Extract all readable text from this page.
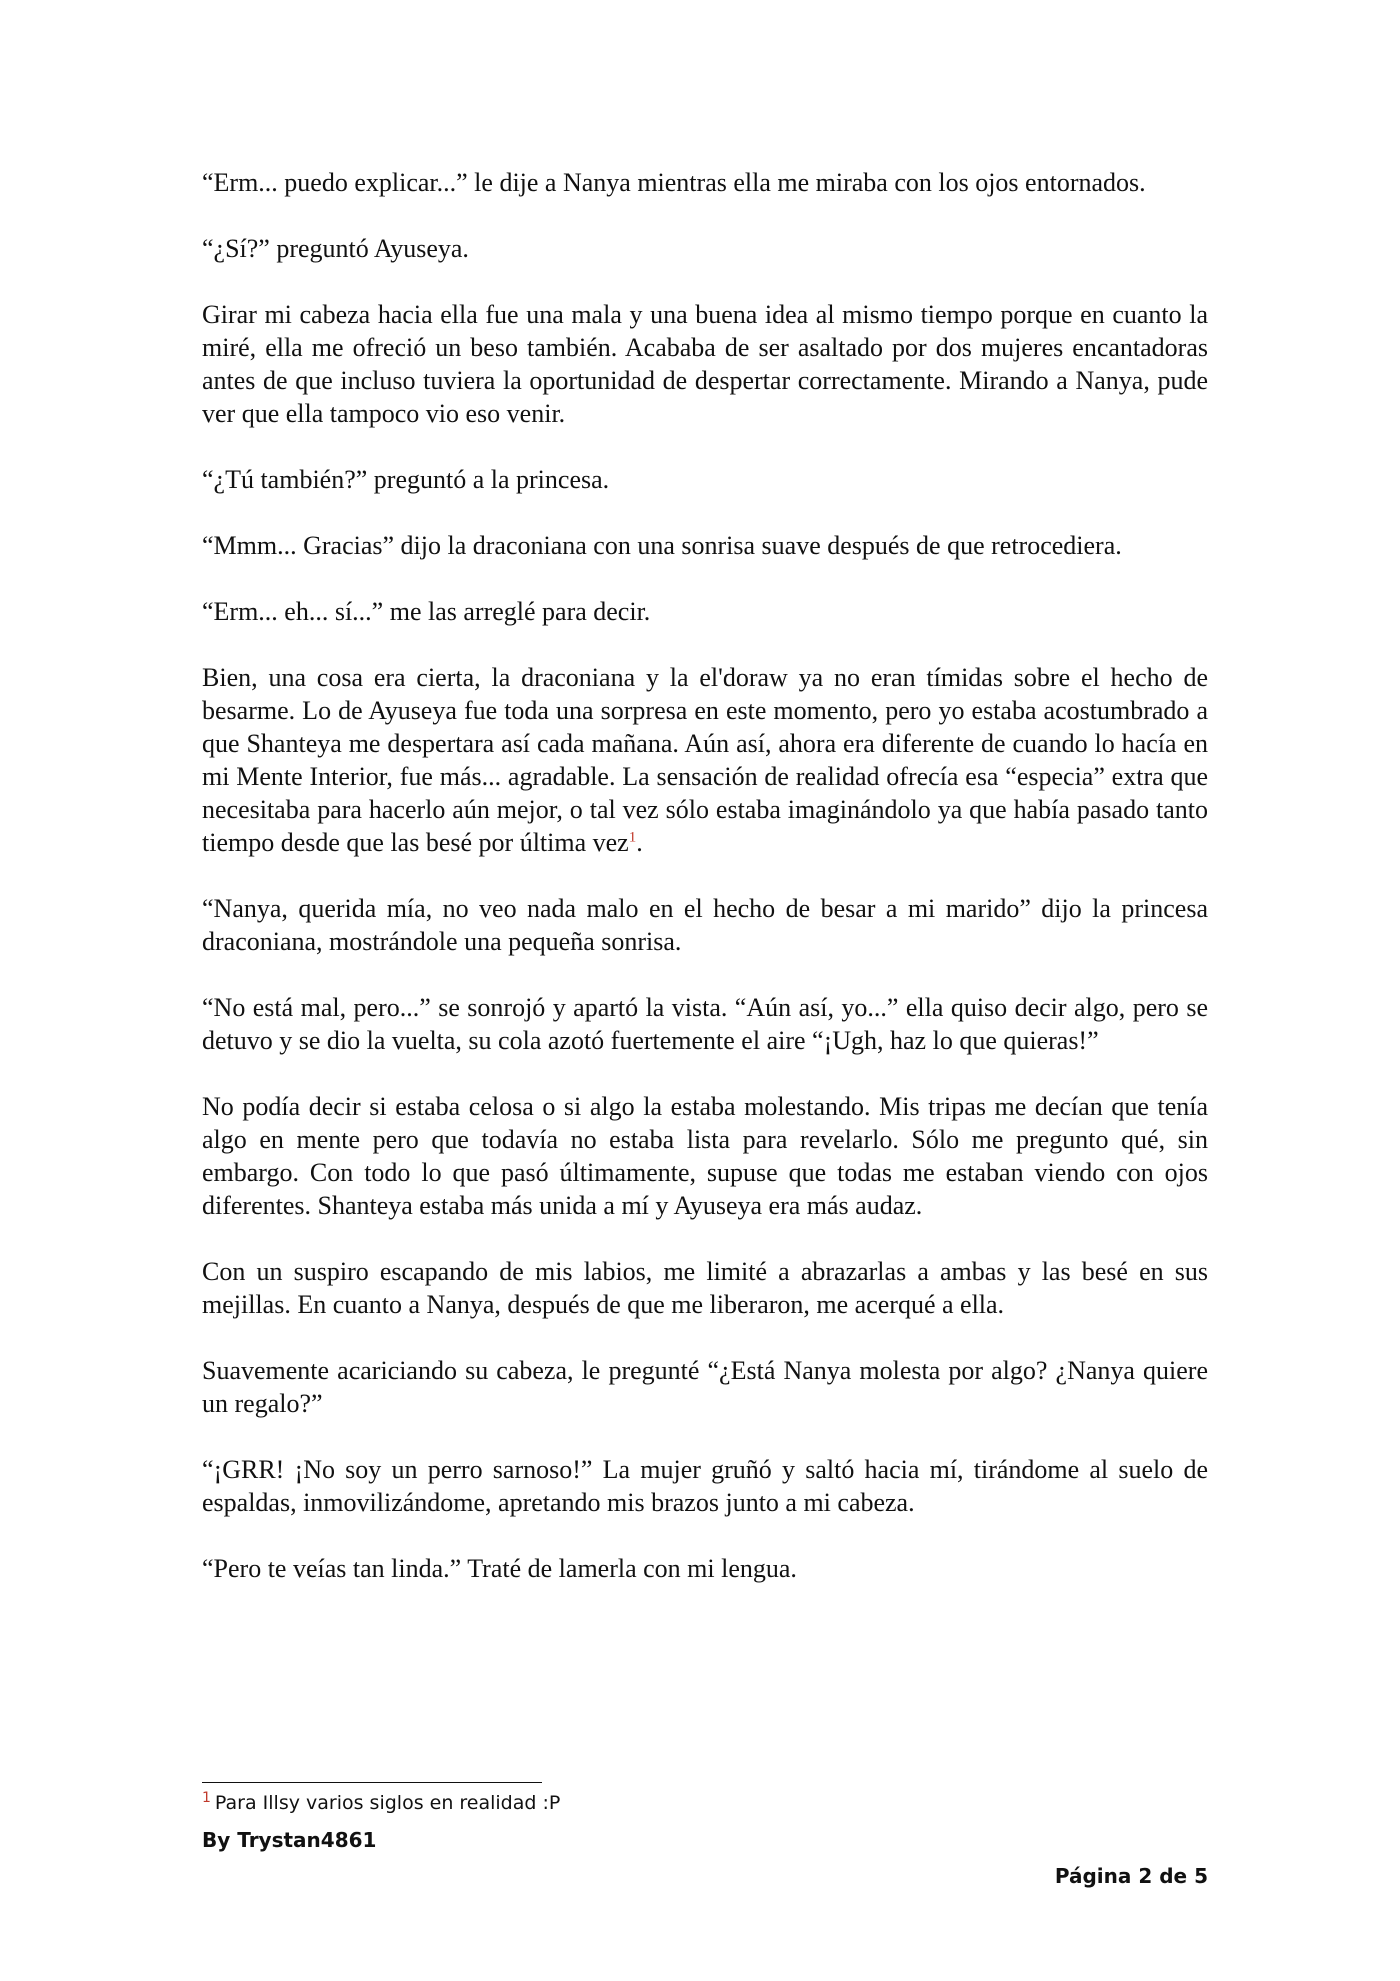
“Erm... puedo explicar...” le dije a Nanya mientras ella me miraba con los ojos entornados.

“¿Sí?” preguntó Ayuseya.

Girar mi cabeza hacia ella fue una mala y una buena idea al mismo tiempo porque en cuanto la miré, ella me ofreció un beso también. Acababa de ser asaltado por dos mujeres encantadoras antes de que incluso tuviera la oportunidad de despertar correctamente. Mirando a Nanya, pude ver que ella tampoco vio eso venir.

“¿Tú también?” preguntó a la princesa.

“Mmm... Gracias” dijo la draconiana con una sonrisa suave después de que retrocediera.

“Erm... eh... sí...” me las arreglé para decir.

Bien, una cosa era cierta, la draconiana y la el'doraw ya no eran tímidas sobre el hecho de besarme. Lo de Ayuseya fue toda una sorpresa en este momento, pero yo estaba acostumbrado a que Shanteya me despertara así cada mañana. Aún así, ahora era diferente de cuando lo hacía en mi Mente Interior, fue más... agradable. La sensación de realidad ofrecía esa “especia” extra que necesitaba para hacerlo aún mejor, o tal vez sólo estaba imaginándolo ya que había pasado tanto tiempo desde que las besé por última vez$^1$.

“Nanya, querida mía, no veo nada malo en el hecho de besar a mi marido” dijo la princesa draconiana, mostrándole una pequeña sonrisa.

“No está mal, pero...” se sonrojó y apartó la vista. “Aún así, yo...” ella quiso decir algo, pero se detuvo y se dio la vuelta, su cola azotó fuertemente el aire “¡Ugh, haz lo que quieras!”

No podía decir si estaba celosa o si algo la estaba molestando. Mis tripas me decían que tenía algo en mente pero que todavía no estaba lista para revelarlo. Sólo me pregunto qué, sin embargo. Con todo lo que pasó últimamente, supuse que todas me estaban viendo con ojos diferentes. Shanteya estaba más unida a mí y Ayuseya era más audaz.

Con un suspiro escapando de mis labios, me limité a abrazarlas a ambas y las besé en sus mejillas. En cuanto a Nanya, después de que me liberaron, me acerqué a ella.

Suavemente acariciando su cabeza, le pregunté “¿Está Nanya molesta por algo? ¿Nanya quiere un regalo?”

“¡GRR! ¡No soy un perro sarnoso!” La mujer gruñó y saltó hacia mí, tirándome al suelo de espaldas, inmovilizándome, apretando mis brazos junto a mi cabeza.

“Pero te veías tan linda.” Traté de lamerla con mi lengua.

$^1$ Para Illsy varios siglos en realidad :P
By Trystan4861
Página 2 de 5
